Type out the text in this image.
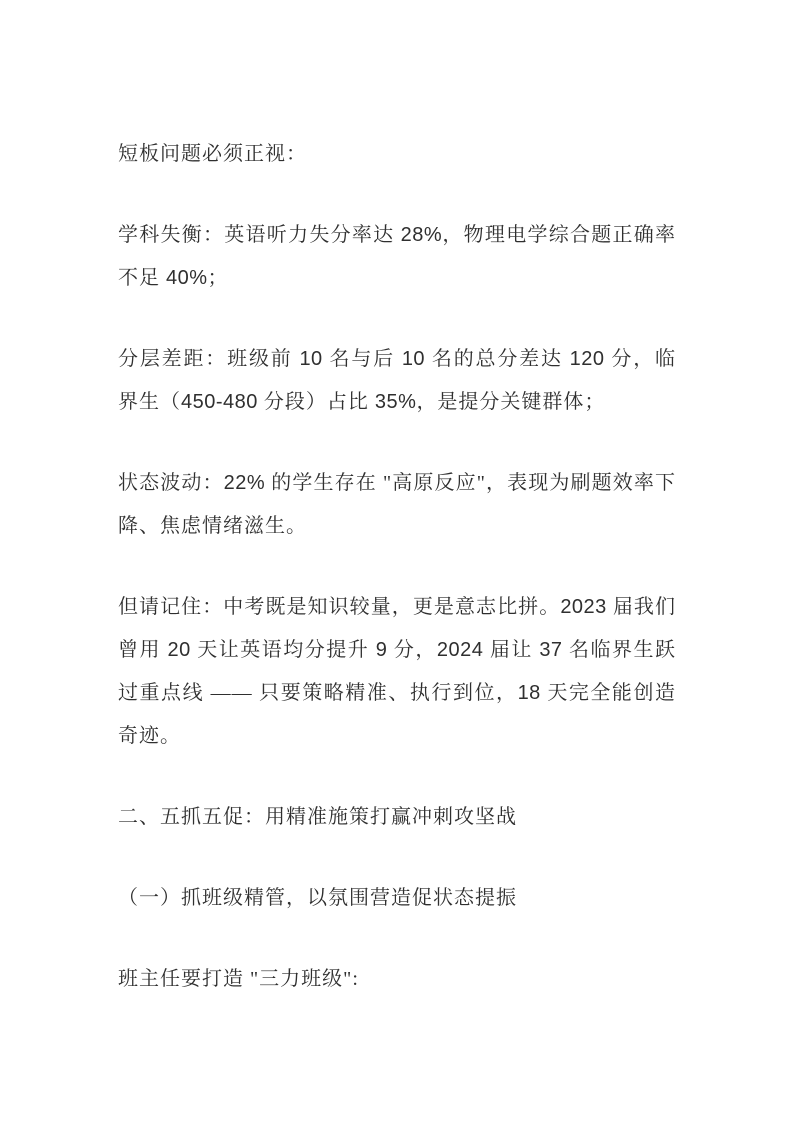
短板问题必须正视：

学科失衡：英语听力失分率达 28%，物理电学综合题正确率不足 40%；

分层差距：班级前 10 名与后 10 名的总分差达 120 分，临界生（450-480 分段）占比 35%，是提分关键群体；

状态波动：22% 的学生存在 "高原反应"，表现为刷题效率下降、焦虑情绪滋生。

但请记住：中考既是知识较量，更是意志比拼。2023 届我们曾用 20 天让英语均分提升 9 分，2024 届让 37 名临界生跃过重点线 —— 只要策略精准、执行到位，18 天完全能创造奇迹。

二、五抓五促：用精准施策打赢冲刺攻坚战

（一）抓班级精管，以氛围营造促状态提振

班主任要打造 "三力班级":
